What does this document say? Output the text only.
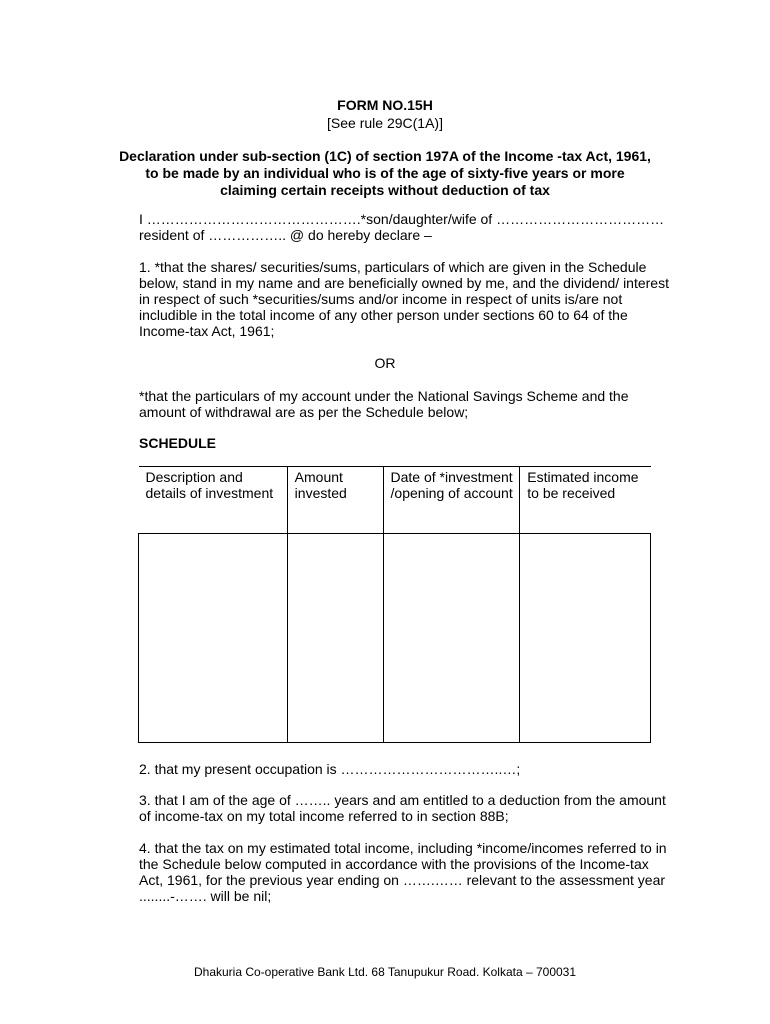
FORM NO.15H
[See rule 29C(1A)]
Declaration under sub-section (1C) of section 197A of the Income -tax Act, 1961,
to be made by an individual who is of the age of sixty-five years or more
claiming certain receipts without deduction of tax
I ……………………………………….*son/daughter/wife of ………………………………
resident of …………….. @ do hereby declare –
1. *that the shares/ securities/sums, particulars of which are given in the Schedule
below, stand in my name and are beneficially owned by me, and the dividend/ interest
in respect of such *securities/sums and/or income in respect of units is/are not
includible in the total income of any other person under sections 60 to 64 of the
Income-tax Act, 1961;
OR
*that the particulars of my account under the National Savings Scheme and the
amount of withdrawal are as per the Schedule below;
SCHEDULE
Description and details of investment	Amount invested	Date of *investment /opening of account	Estimated income to be received

2. that my present occupation is ……………………………..…;
3. that I am of the age of …….. years and am entitled to a deduction from the amount
of income-tax on my total income referred to in section 88B;
4. that the tax on my estimated total income, including *income/incomes referred to in
the Schedule below computed in accordance with the provisions of the Income-tax
Act, 1961, for the previous year ending on …….…… relevant to the assessment year
........-……. will be nil;
Dhakuria Co-operative Bank Ltd. 68 Tanupukur Road. Kolkata – 700031
